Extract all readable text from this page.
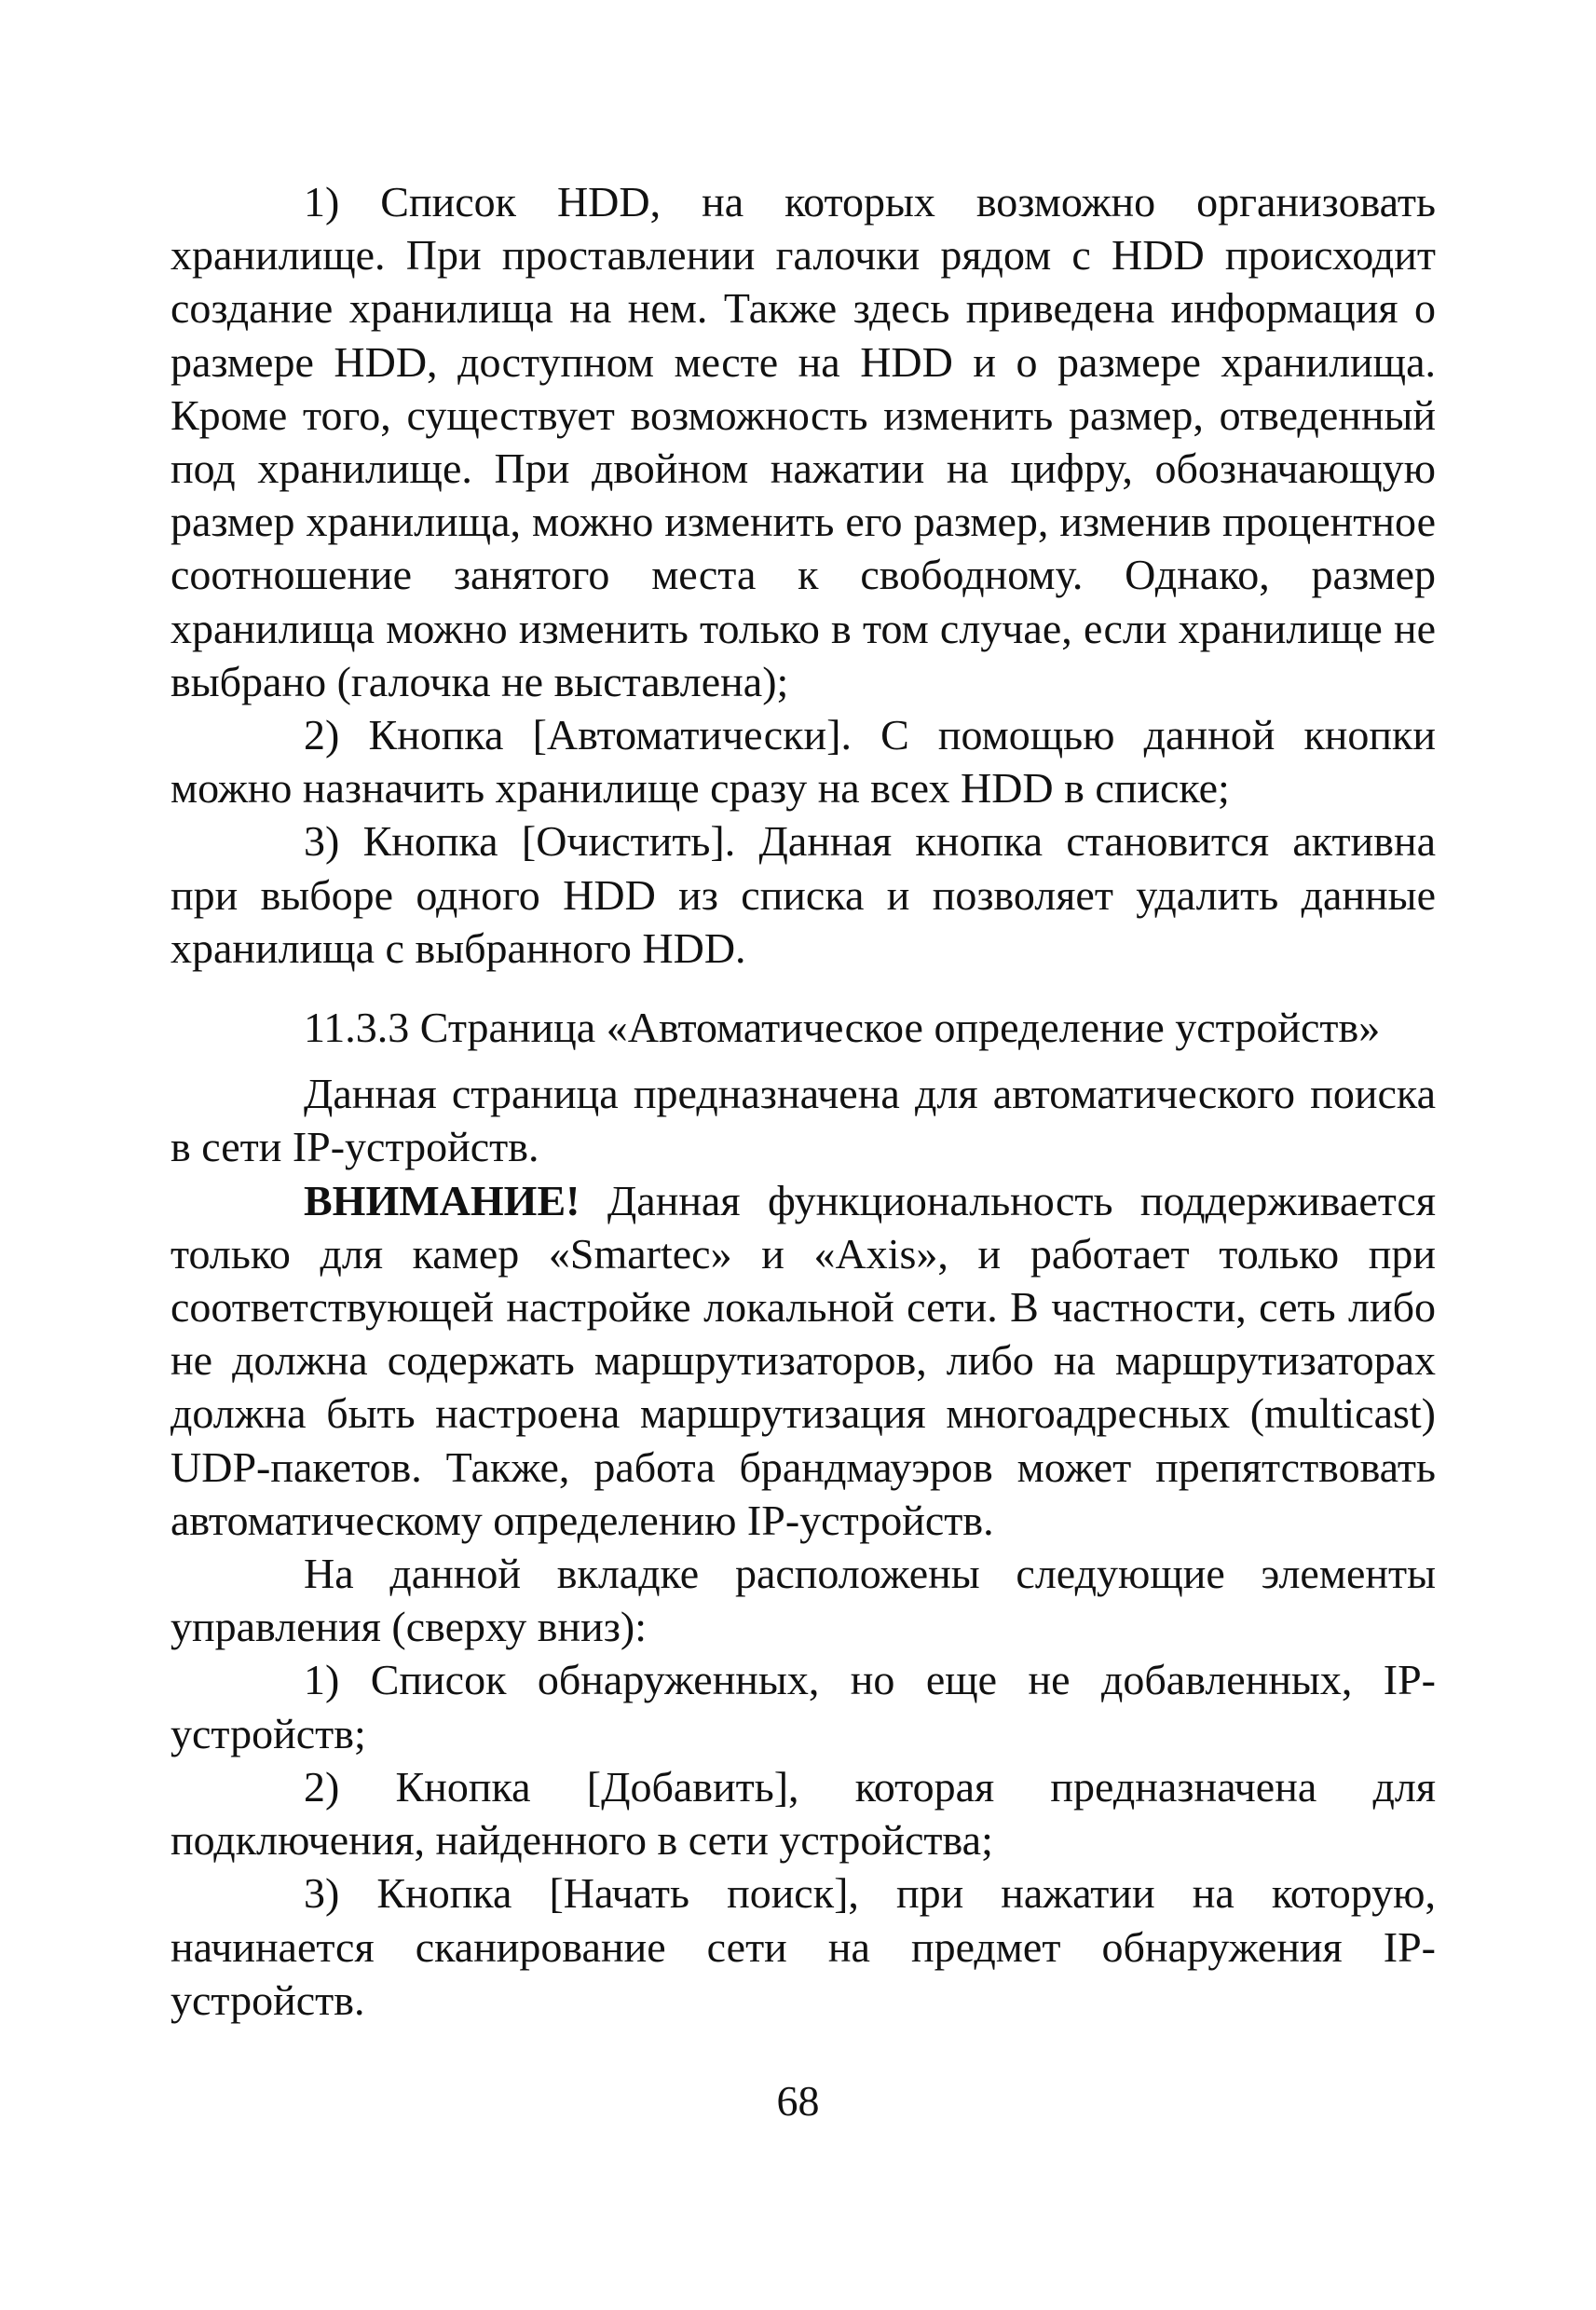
1) Список HDD, на которых возможно организовать хранилище. При проставлении галочки рядом с HDD происходит создание хранилища на нем. Также здесь приведена информация о размере HDD, доступном месте на HDD и о размере хранилища. Кроме того, существует возможность изменить размер, отведенный под хранилище. При двойном нажатии на цифру, обозначающую размер хранилища, можно изменить его размер, изменив процентное соотношение занятого места к свободному. Однако, размер хранилища можно изменить только в том случае, если хранилище не выбрано (галочка не выставлена);

2) Кнопка [Автоматически]. С помощью данной кнопки можно назначить хранилище сразу на всех HDD в списке;

3) Кнопка [Очистить]. Данная кнопка становится активна при выборе одного HDD из списка и позволяет удалить данные хранилища с выбранного HDD.

11.3.3 Страница «Автоматическое определение устройств»

Данная страница предназначена для автоматического поиска в сети IP-устройств.

ВНИМАНИЕ! Данная функциональность поддерживается только для камер «Smartec» и «Axis», и работает только при соответствующей настройке локальной сети. В частности, сеть либо не должна содержать маршрутизаторов, либо на маршрутизаторах должна быть настроена маршрутизация многоадресных (multicast) UDP-пакетов. Также, работа брандмауэров может препятствовать автоматическому определению IP-устройств.

На данной вкладке расположены следующие элементы управления (сверху вниз):

1) Список обнаруженных, но еще не добавленных, IP-устройств;

2) Кнопка [Добавить], которая предназначена для подключения, найденного в сети устройства;

3) Кнопка [Начать поиск], при нажатии на которую, начинается сканирование сети на предмет обнаружения IP-устройств.

68
